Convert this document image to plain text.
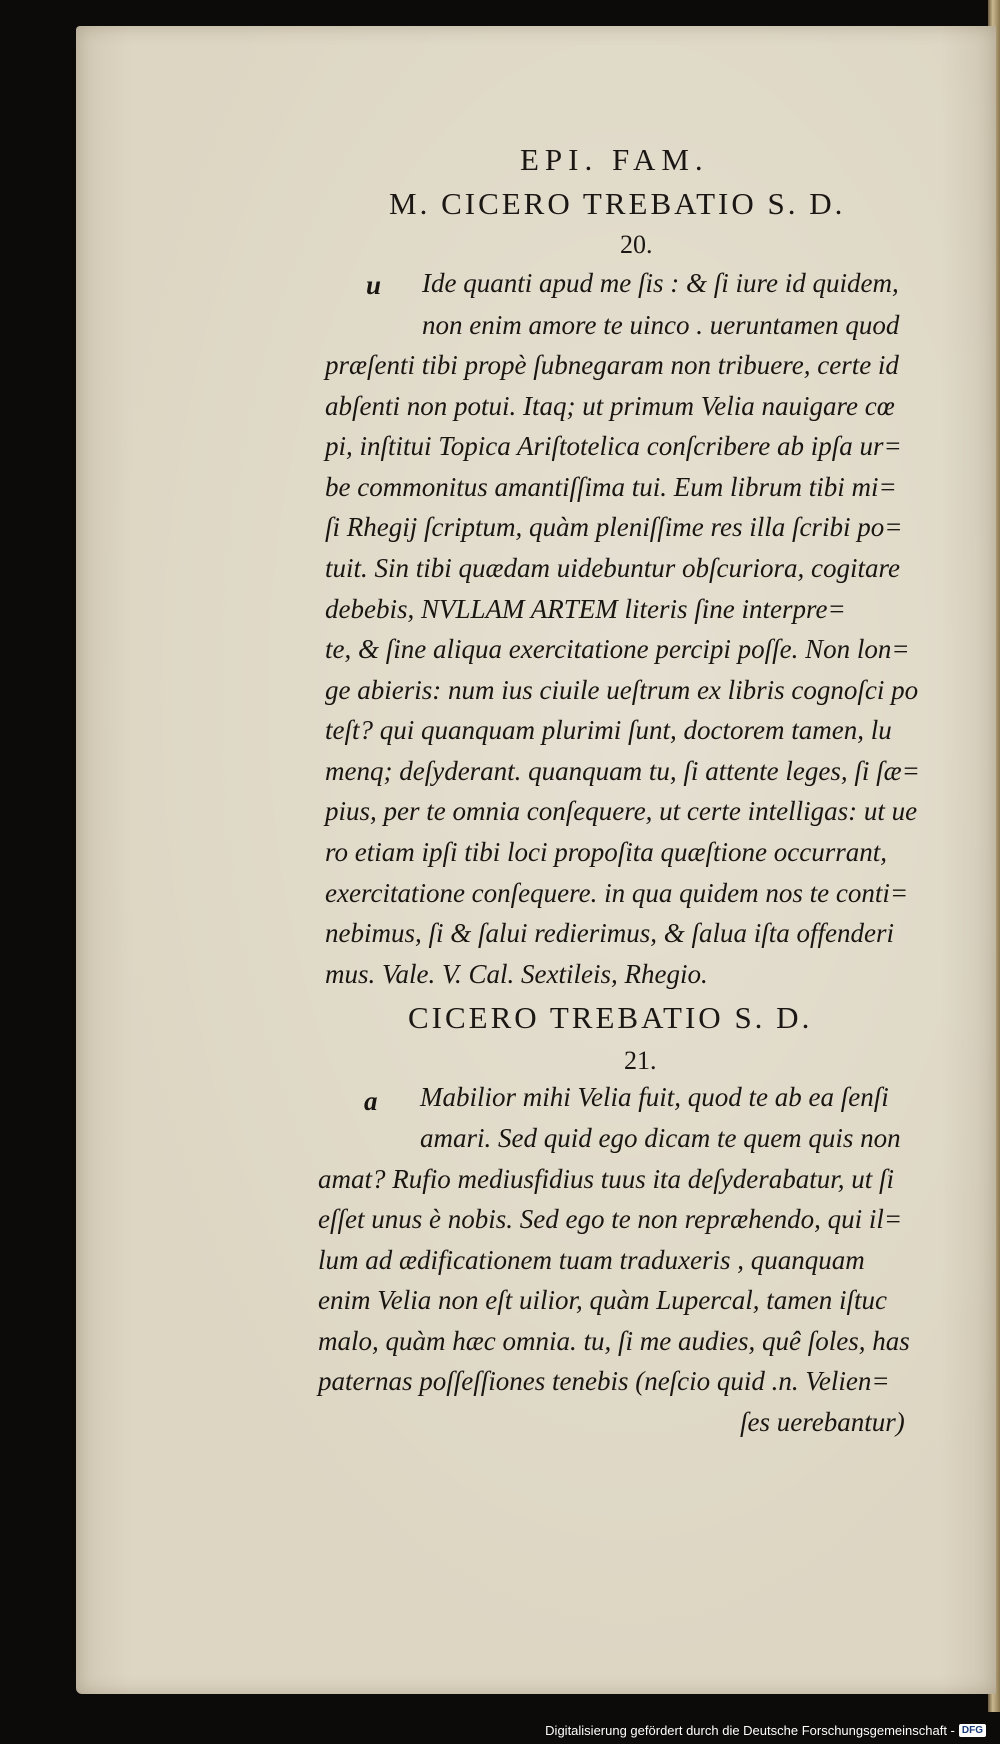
EPI. FAM.
M. CICERO TREBATIO S. D.
20.
u Ide quanti apud me ſis : & ſi iure id quidem,
non enim amore te uinco . ueruntamen quod
præſenti tibi propè ſubnegaram non tribuere, certe id
abſenti non potui. Itaq; ut primum Velia nauigare cœ
pi, inſtitui Topica Ariſtotelica conſcribere ab ipſa ur=
be commonitus amantiſſima tui. Eum librum tibi mi=
ſi Rhegij ſcriptum, quàm pleniſſime res illa ſcribi po=
tuit. Sin tibi quædam uidebuntur obſcuriora, cogitare
debebis, NVLLAM ARTEM literis ſine interpre=
te, & ſine aliqua exercitatione percipi poſſe. Non lon=
ge abieris: num ius ciuile ueſtrum ex libris cognoſci po
teſt? qui quanquam plurimi ſunt, doctorem tamen, lu
menq; deſyderant. quanquam tu, ſi attente leges, ſi ſæ=
pius, per te omnia conſequere, ut certe intelligas: ut ue
ro etiam ipſi tibi loci propoſita quæſtione occurrant,
exercitatione conſequere. in qua quidem nos te conti=
nebimus, ſi & ſalui redierimus, & ſalua iſta offenderi
mus. Vale. V. Cal. Sextileis, Rhegio.
CICERO TREBATIO S. D.
21.
a Mabilior mihi Velia fuit, quod te ab ea ſenſi
amari. Sed quid ego dicam te quem quis non
amat? Rufio mediusfidius tuus ita deſyderabatur, ut ſi
eſſet unus è nobis. Sed ego te non repræhendo, qui il=
lum ad ædificationem tuam traduxeris , quanquam
enim Velia non eſt uilior, quàm Lupercal, tamen iſtuc
malo, quàm hæc omnia. tu, ſi me audies, quê ſoles, has
paternas poſſeſſiones tenebis (neſcio quid .n. Velien=
ſes uerebantur)
Digitalisierung gefördert durch die Deutsche Forschungsgemeinschaft - DFG
